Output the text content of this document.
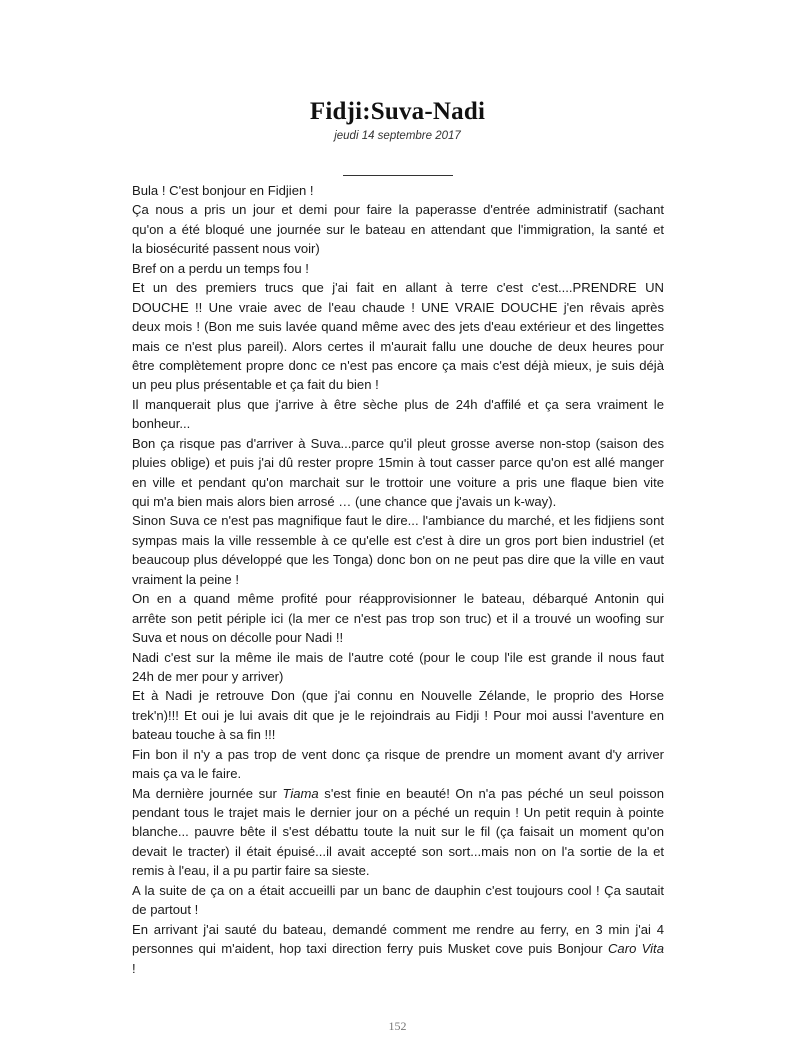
Fidji:Suva-Nadi
jeudi 14 septembre 2017
Bula ! C'est bonjour en Fidjien !
Ça nous a pris un jour et demi pour faire la paperasse d'entrée administratif (sachant
qu'on a été bloqué une journée sur le bateau en attendant que l'immigration, la santé et
la biosécurité passent nous voir)
Bref on a perdu un temps fou !
Et un des premiers trucs que j'ai fait en allant à terre c'est c'est....PRENDRE UN
DOUCHE !! Une vraie avec de l'eau chaude ! UNE VRAIE DOUCHE j'en rêvais après
deux mois ! (Bon me suis lavée quand même avec des jets d'eau extérieur et des lingettes
mais ce n'est plus pareil). Alors certes il m'aurait fallu une douche de deux heures pour
être complètement propre donc ce n'est pas encore ça mais c'est déjà mieux, je suis déjà
un peu plus présentable et ça fait du bien !
Il manquerait plus que j'arrive à être sèche plus de 24h d'affilé et ça sera vraiment le
bonheur...
Bon ça risque pas d'arriver à Suva...parce qu'il pleut grosse averse non-stop (saison des
pluies oblige) et puis j'ai dû rester propre 15min à tout casser parce qu'on est allé manger
en ville et pendant qu'on marchait sur le trottoir une voiture a pris une flaque bien vite
qui m'a bien mais alors bien arrosé … (une chance que j'avais un k-way).
Sinon Suva ce n'est pas magnifique faut le dire... l'ambiance du marché, et les fidjiens sont
sympas mais la ville ressemble à ce qu'elle est c'est à dire un gros port bien industriel (et
beaucoup plus développé que les Tonga) donc bon on ne peut pas dire que la ville en vaut
vraiment la peine !
On en a quand même profité pour réapprovisionner le bateau, débarqué Antonin qui
arrête son petit périple ici (la mer ce n'est pas trop son truc) et il a trouvé un woofing sur
Suva et nous on décolle pour Nadi !!
Nadi c'est sur la même ile mais de l'autre coté (pour le coup l'ile est grande il nous faut
24h de mer pour y arriver)
Et à Nadi je retrouve Don (que j'ai connu en Nouvelle Zélande, le proprio des Horse
trek'n)!!! Et oui je lui avais dit que je le rejoindrais au Fidji ! Pour moi aussi l'aventure en
bateau touche à sa fin !!!
Fin bon il n'y a pas trop de vent donc ça risque de prendre un moment avant d'y arriver
mais ça va le faire.
Ma dernière journée sur Tiama s'est finie en beauté! On n'a pas péché un seul poisson
pendant tous le trajet mais le dernier jour on a péché un requin ! Un petit requin à pointe
blanche... pauvre bête il s'est débattu toute la nuit sur le fil (ça faisait un moment qu'on
devait le tracter) il était épuisé...il avait accepté son sort...mais non on l'a sortie de la et
remis à l'eau, il a pu partir faire sa sieste.
A la suite de ça on a était accueilli par un banc de dauphin c'est toujours cool ! Ça sautait
de partout !
En arrivant j'ai sauté du bateau, demandé comment me rendre au ferry, en 3 min j'ai 4
personnes qui m'aident, hop taxi direction ferry puis Musket cove puis Bonjour Caro Vita
!
152
